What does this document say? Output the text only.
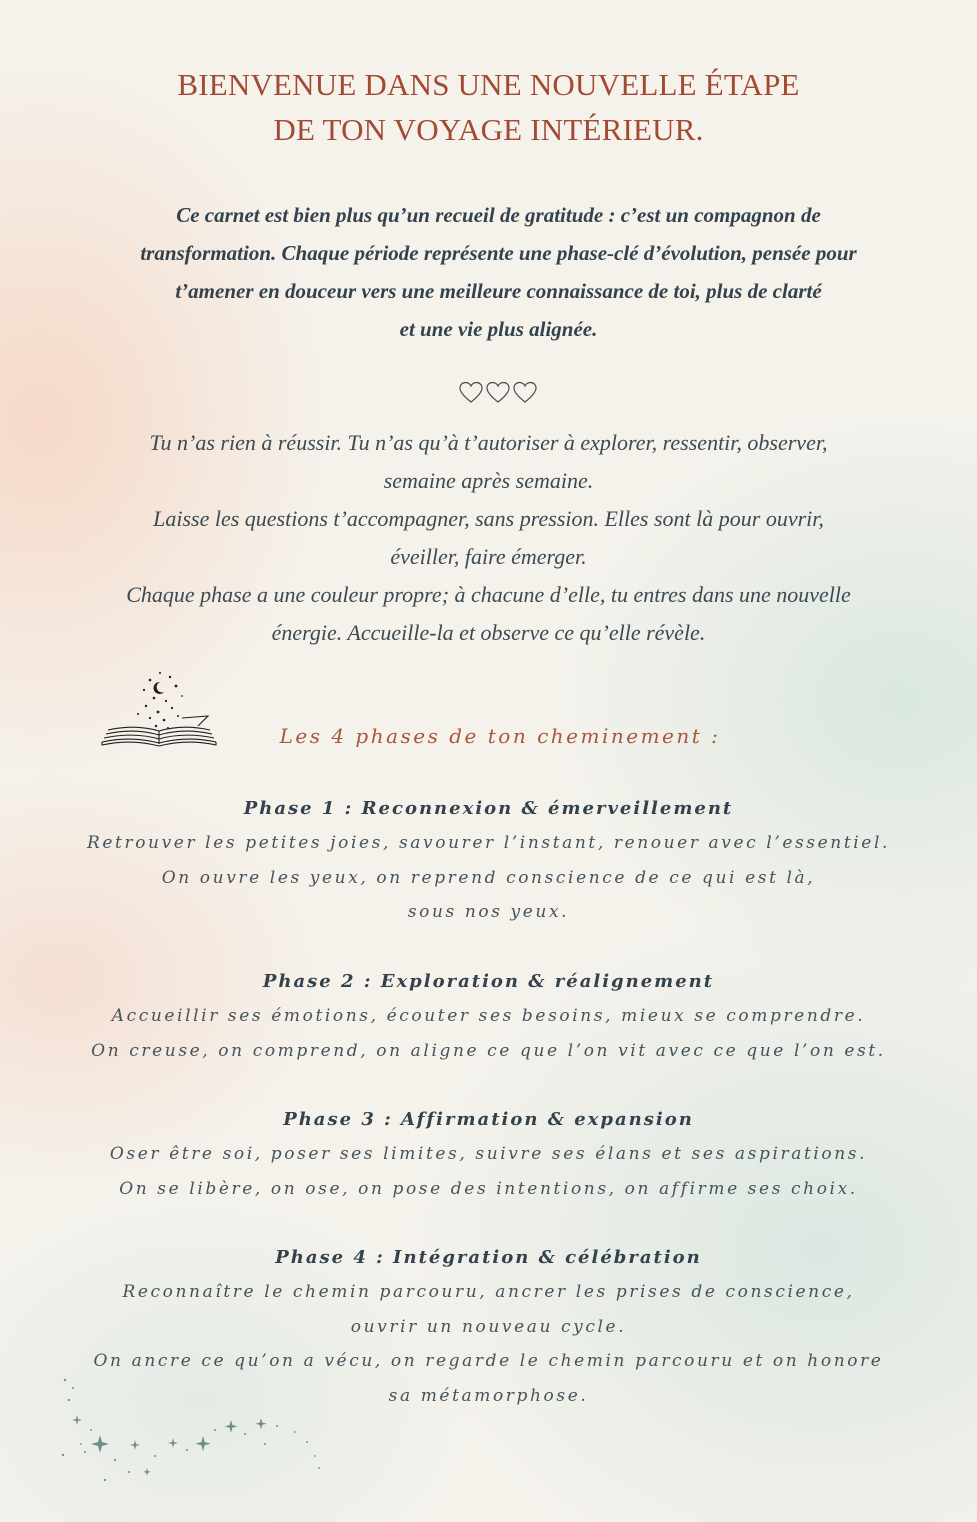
BIENVENUE DANS UNE NOUVELLE ÉTAPE
DE TON VOYAGE INTÉRIEUR.
Ce carnet est bien plus qu’un recueil de gratitude : c’est un compagnon de
transformation. Chaque période représente une phase-clé d’évolution, pensée pour
t’amener en douceur vers une meilleure connaissance de toi, plus de clarté
et une vie plus alignée.
Tu n’as rien à réussir. Tu n’as qu’à t’autoriser à explorer, ressentir, observer,
semaine après semaine.
Laisse les questions t’accompagner, sans pression. Elles sont là pour ouvrir,
éveiller, faire émerger.
Chaque phase a une couleur propre; à chacune d’elle, tu entres dans une nouvelle
énergie. Accueille-la et observe ce qu’elle révèle.
Les 4 phases de ton cheminement :
Phase 1 : Reconnexion & émerveillement
Retrouver les petites joies, savourer l’instant, renouer avec l’essentiel.
On ouvre les yeux, on reprend conscience de ce qui est là,
sous nos yeux.
Phase 2 : Exploration & réalignement
Accueillir ses émotions, écouter ses besoins, mieux se comprendre.
On creuse, on comprend, on aligne ce que l’on vit avec ce que l’on est.
Phase 3 : Affirmation & expansion
Oser être soi, poser ses limites, suivre ses élans et ses aspirations.
On se libère, on ose, on pose des intentions, on affirme ses choix.
Phase 4 : Intégration & célébration
Reconnaître le chemin parcouru, ancrer les prises de conscience,
ouvrir un nouveau cycle.
On ancre ce qu’on a vécu, on regarde le chemin parcouru et on honore
sa métamorphose.
